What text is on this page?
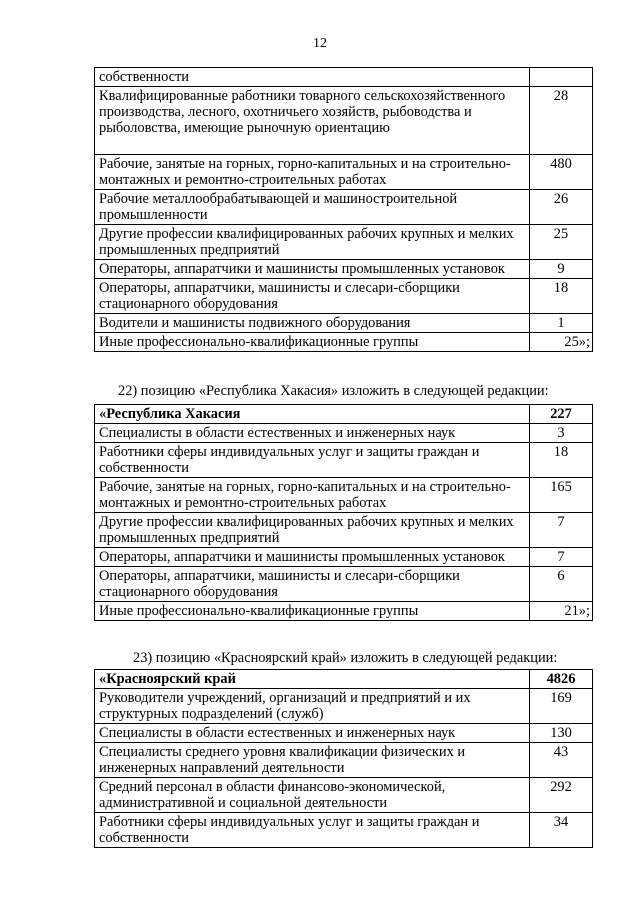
12
собственности	
Квалифицированные работники товарного сельскохозяйственного производства, лесного, охотничьего хозяйств, рыбоводства и рыболовства, имеющие рыночную ориентацию	28
Рабочие, занятые на горных, горно-капитальных и на строительно-монтажных и ремонтно-строительных работах	480
Рабочие металлообрабатывающей и машиностроительной промышленности	26
Другие профессии квалифицированных рабочих крупных и мелких промышленных предприятий	25
Операторы, аппаратчики и машинисты промышленных установок	9
Операторы, аппаратчики, машинисты и слесари-сборщики стационарного оборудования	18
Водители и машинисты подвижного оборудования	1
Иные профессионально-квалификационные группы	25»;
22) позицию «Республика Хакасия» изложить в следующей редакции:
«Республика Хакасия	227
Специалисты в области естественных и инженерных наук	3
Работники сферы индивидуальных услуг и защиты граждан и собственности	18
Рабочие, занятые на горных, горно-капитальных и на строительно-монтажных и ремонтно-строительных работах	165
Другие профессии квалифицированных рабочих крупных и мелких промышленных предприятий	7
Операторы, аппаратчики и машинисты промышленных установок	7
Операторы, аппаратчики, машинисты и слесари-сборщики стационарного оборудования	6
Иные профессионально-квалификационные группы	21»;
23) позицию «Красноярский край» изложить в следующей редакции:
«Красноярский край	4826
Руководители учреждений, организаций и предприятий и их структурных подразделений (служб)	169
Специалисты в области естественных и инженерных наук	130
Специалисты среднего уровня квалификации физических и инженерных направлений деятельности	43
Средний персонал в области финансово-экономической, административной и социальной деятельности	292
Работники сферы индивидуальных услуг и защиты граждан и собственности	34
